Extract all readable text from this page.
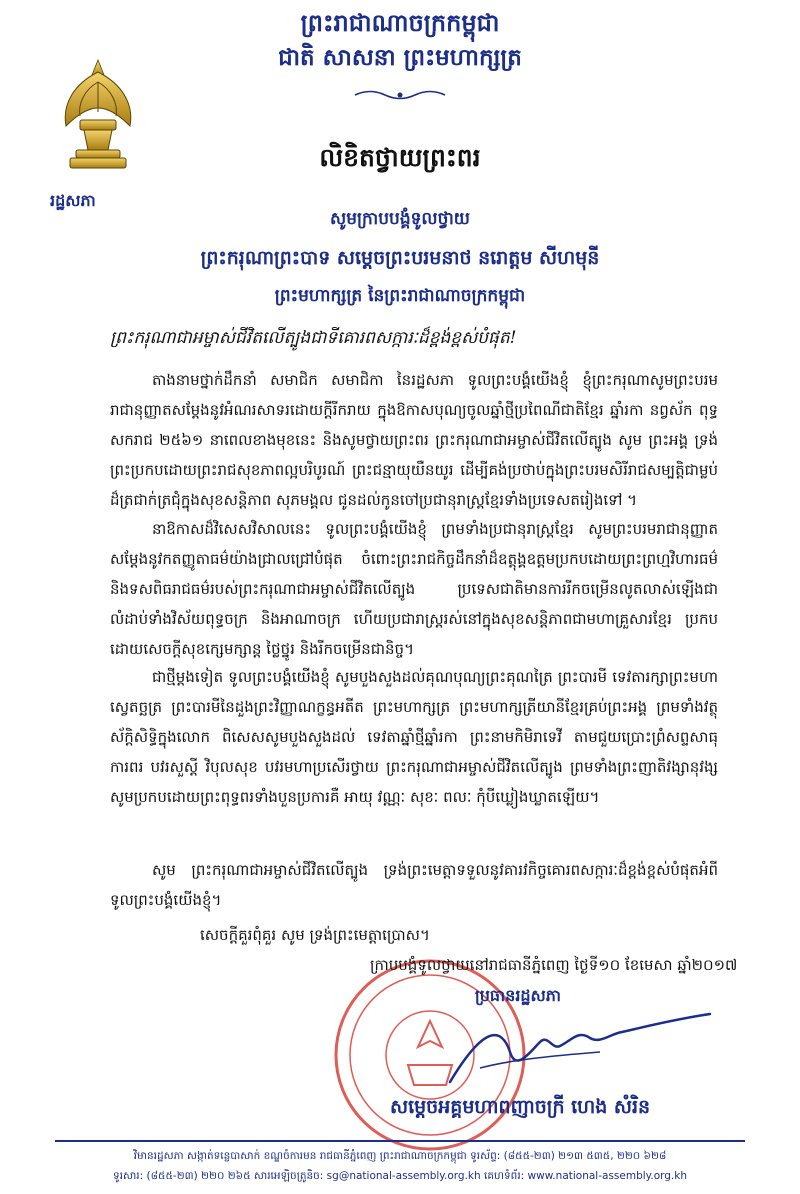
ព្រះរាជាណាចក្រកម្ពុជា
ជាតិ សាសនា ព្រះមហាក្សត្រ
រដ្ឋសភា
លិខិតថ្វាយព្រះពរ
សូមក្រាបបង្គំទូលថ្វាយ
ព្រះករុណាព្រះបាទ សម្តេចព្រះបរមនាថ នរោត្តម សីហមុនី
ព្រះមហាក្សត្រ នៃព្រះរាជាណាចក្រកម្ពុជា
ព្រះករុណាជាអម្ចាស់ជីវិតលើត្បូងជាទីគោរពសក្ការៈដ៏ខ្ពង់ខ្ពស់បំផុត!

តាងនាមថ្នាក់ដឹកនាំ សមាជិក សមាជិកា នៃរដ្ឋសភា ទូលព្រះបង្គំយើងខ្ញុំ ខ្ញុំព្រះករុណាសូមព្រះបរមរាជានុញ្ញាតសម្តែងនូវអំណរសាទរដោយក្តីរីករាយ ក្នុងឱកាសបុណ្យចូលឆ្នាំថ្មីប្រពៃណីជាតិខ្មែរ ឆ្នាំរកា នព្វស័ក ពុទ្ធសករាជ ២៥៦១ នាពេលខាងមុខនេះ និងសូមថ្វាយព្រះពរ ព្រះករុណាជាអម្ចាស់ជីវិតលើត្បូង សូម ព្រះអង្គ ទ្រង់ព្រះប្រកបដោយព្រះរាជសុខភាពល្អបរិបូរណ៍ ព្រះជន្មាយុយឺនយូរ ដើម្បីគង់ប្រថាប់ក្នុងព្រះបរមសិរីរាជសម្បត្តិជាម្លប់ដ៏ត្រជាក់ត្រជុំក្នុងសុខសន្តិភាព សុភមង្គល ជូនដល់កូនចៅប្រជានុរាស្ត្រខ្មែរទាំងប្រទេសតរៀងទៅ ។

នាឱកាសដ៏វិសេសវិសាលនេះ ទូលព្រះបង្គំយើងខ្ញុំ ព្រមទាំងប្រជានុរាស្ត្រខ្មែរ សូមព្រះបរមរាជានុញ្ញាតសម្តែងនូវកតញ្ញូតាធម៌យ៉ាងជ្រាលជ្រៅបំផុត ចំពោះព្រះរាជកិច្ចដឹកនាំដ៏ឧត្តុង្គឧត្តមប្រកបដោយព្រះព្រហ្មវិហារធម៌ និងទសពិធរាជធម៌របស់ព្រះករុណាជាអម្ចាស់ជីវិតលើត្បូង ប្រទេសជាតិមានការរីកចម្រើនលូតលាស់ឡើងជាលំដាប់ទាំងវិស័យពុទ្ធចក្រ និងអាណាចក្រ ហើយប្រជារាស្ត្ររស់នៅក្នុងសុខសន្តិភាពជាមហាគ្រួសារខ្មែរ ប្រកបដោយសេចក្តីសុខក្សេមក្សាន្ត ថ្លៃថ្នូរ និងរីកចម្រើនជានិច្ច។

ជាថ្មីម្តងទៀត ទូលព្រះបង្គំយើងខ្ញុំ សូមបួងសួងដល់គុណបុណ្យព្រះគុណត្រៃ ព្រះបារមី ទេវតារក្សាព្រះមហាស្វេតច្ឆត្រ ព្រះបារមីនៃដួងព្រះវិញ្ញាណក្ខន្ធអតីត ព្រះមហាក្សត្រ ព្រះមហាក្សត្រីយានីខ្មែរគ្រប់ព្រះអង្គ ព្រមទាំងវត្ថុស័ក្តិសិទ្ធិក្នុងលោក ពិសេសសូមបួងសួងដល់ ទេវតាឆ្នាំថ្មីឆ្នាំរកា ព្រះនាមកិមិរាទេវី តាមជួយប្រោះព្រំសព្ទសាធុការពរ បវរសួស្តី វិបុលសុខ បវរមហាប្រសើរថ្វាយ ព្រះករុណាជាអម្ចាស់ជីវិតលើត្បូង ព្រមទាំងព្រះញាតិវង្សានុវង្ស សូមប្រកបដោយព្រះពុទ្ធពរទាំងបួនប្រការគឺ អាយុ វណ្ណៈ សុខៈ ពលៈ កុំបីឃ្លៀងឃ្លាតឡើយ។

សូម ព្រះករុណាជាអម្ចាស់ជីវិតលើត្បូង ទ្រង់ព្រះមេត្តាទទួលនូវគារវកិច្ចគោរពសក្ការៈដ៏ខ្ពង់ខ្ពស់បំផុតអំពីទូលព្រះបង្គំយើងខ្ញុំ។

សេចក្តីគួរពុំគួរ សូម ទ្រង់ព្រះមេត្តាប្រោស។
ក្រាបបង្គំទូលថ្វាយនៅរាជធានីភ្នំពេញ ថ្ងៃទី១០ ខែមេសា ឆ្នាំ២០១៧
ប្រធានរដ្ឋសភា
សម្តេចអគ្គមហាពញាចក្រី ហេង សំរិន
វិមានរដ្ឋសភា សង្កាត់ទន្លេបាសាក់ ខណ្ឌចំការមន រាជធានីភ្នំពេញ ព្រះរាជាណាចក្រកម្ពុជា ទូរស័ព្ទ: (៨៥៥-២៣) ២១៣ ៥៣៥, ២២០ ៦២៨
ទូរសារ: (៨៥៥-២៣) ២២០ ២៦៥ សារអេឡិចត្រូនិច: sg@national-assembly.org.kh គេហទំព័រ: www.national-assembly.org.kh
